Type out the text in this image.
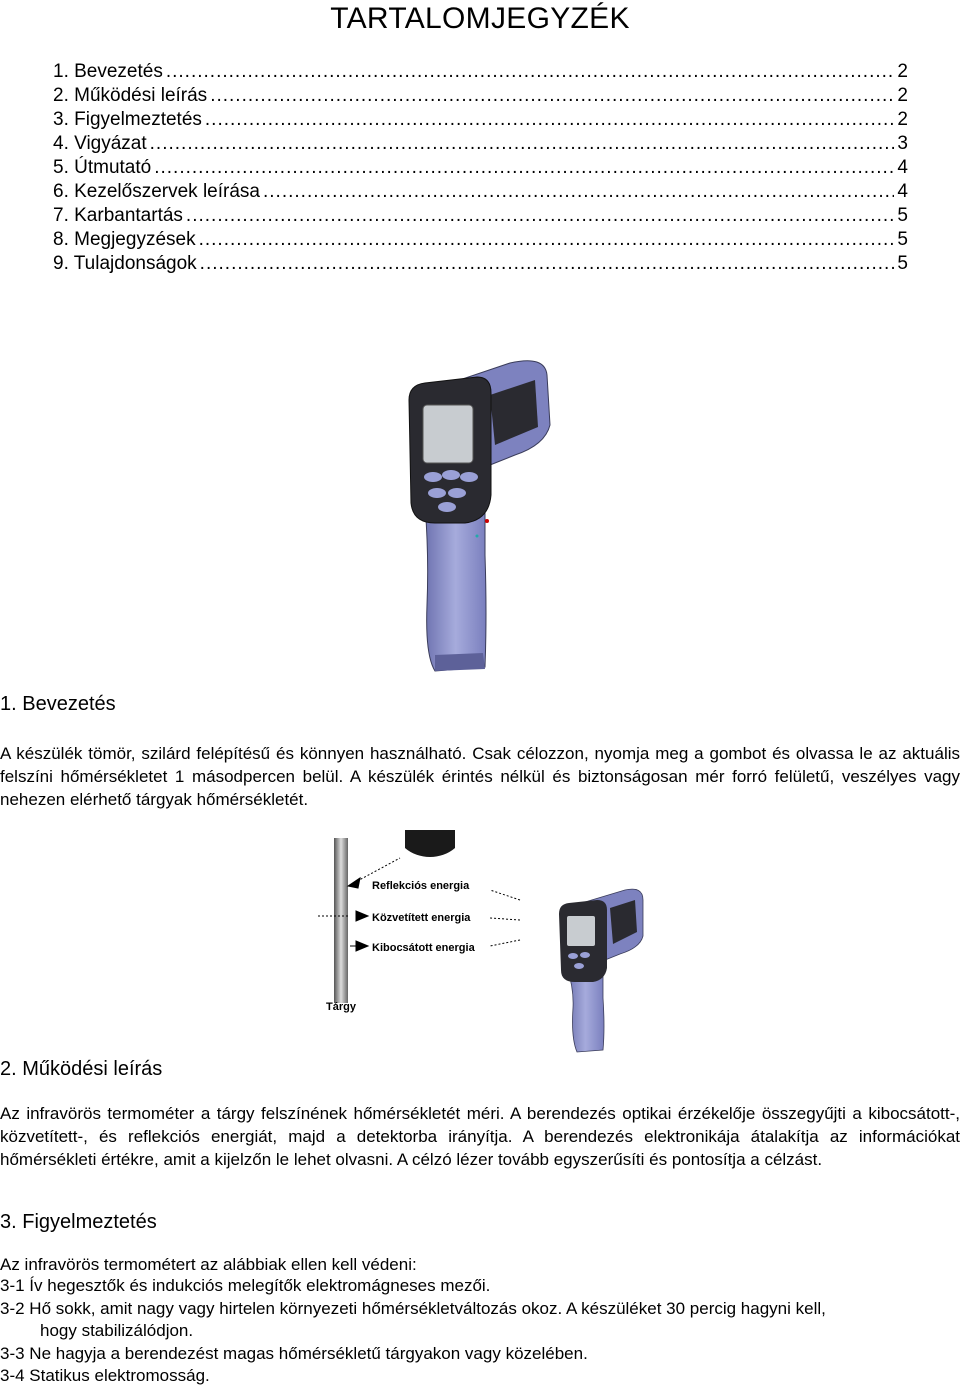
TARTALOMJEGYZÉK
1. Bevezetés .....	2
2. Működési leírás .....	2
3. Figyelmeztetés .....	2
4. Vigyázat .....	3
5. Útmutató .....	4
6. Kezelőszervek leírása .....	4
7. Karbantartás .....	5
8. Megjegyzések .....	5
9. Tulajdonságok .....	5
1. Bevezetés
A készülék tömör, szilárd felépítésű és könnyen használható. Csak célozzon, nyomja meg a gombot és olvassa le az aktuális felszíni hőmérsékletet 1 másodpercen belül. A készülék érintés nélkül és biztonságosan mér forró felületű, veszélyes vagy nehezen elérhető tárgyak hőmérsékletét.
Reflekciós energia
Közvetített energia
Kibocsátott energia
Tárgy
2. Működési leírás
Az infravörös termométer a tárgy felszínének hőmérsékletét méri. A berendezés optikai érzékelője összegyűjti a kibocsátott-, közvetített-, és reflekciós energiát, majd a detektorba irányítja. A berendezés elektronikája átalakítja az információkat hőmérsékleti értékre, amit a kijelzőn le lehet olvasni. A célzó lézer tovább egyszerűsíti és pontosítja a célzást.
3. Figyelmeztetés
Az infravörös termométert az alábbiak ellen kell védeni:
3-1 Ív hegesztők és indukciós melegítők elektromágneses mezői.
3-2 Hő sokk, amit nagy vagy hirtelen környezeti hőmérsékletváltozás okoz. A készüléket 30 percig hagyni kell,
hogy stabilizálódjon.
3-3 Ne hagyja a berendezést magas hőmérsékletű tárgyakon vagy közelében.
3-4 Statikus elektromosság.
